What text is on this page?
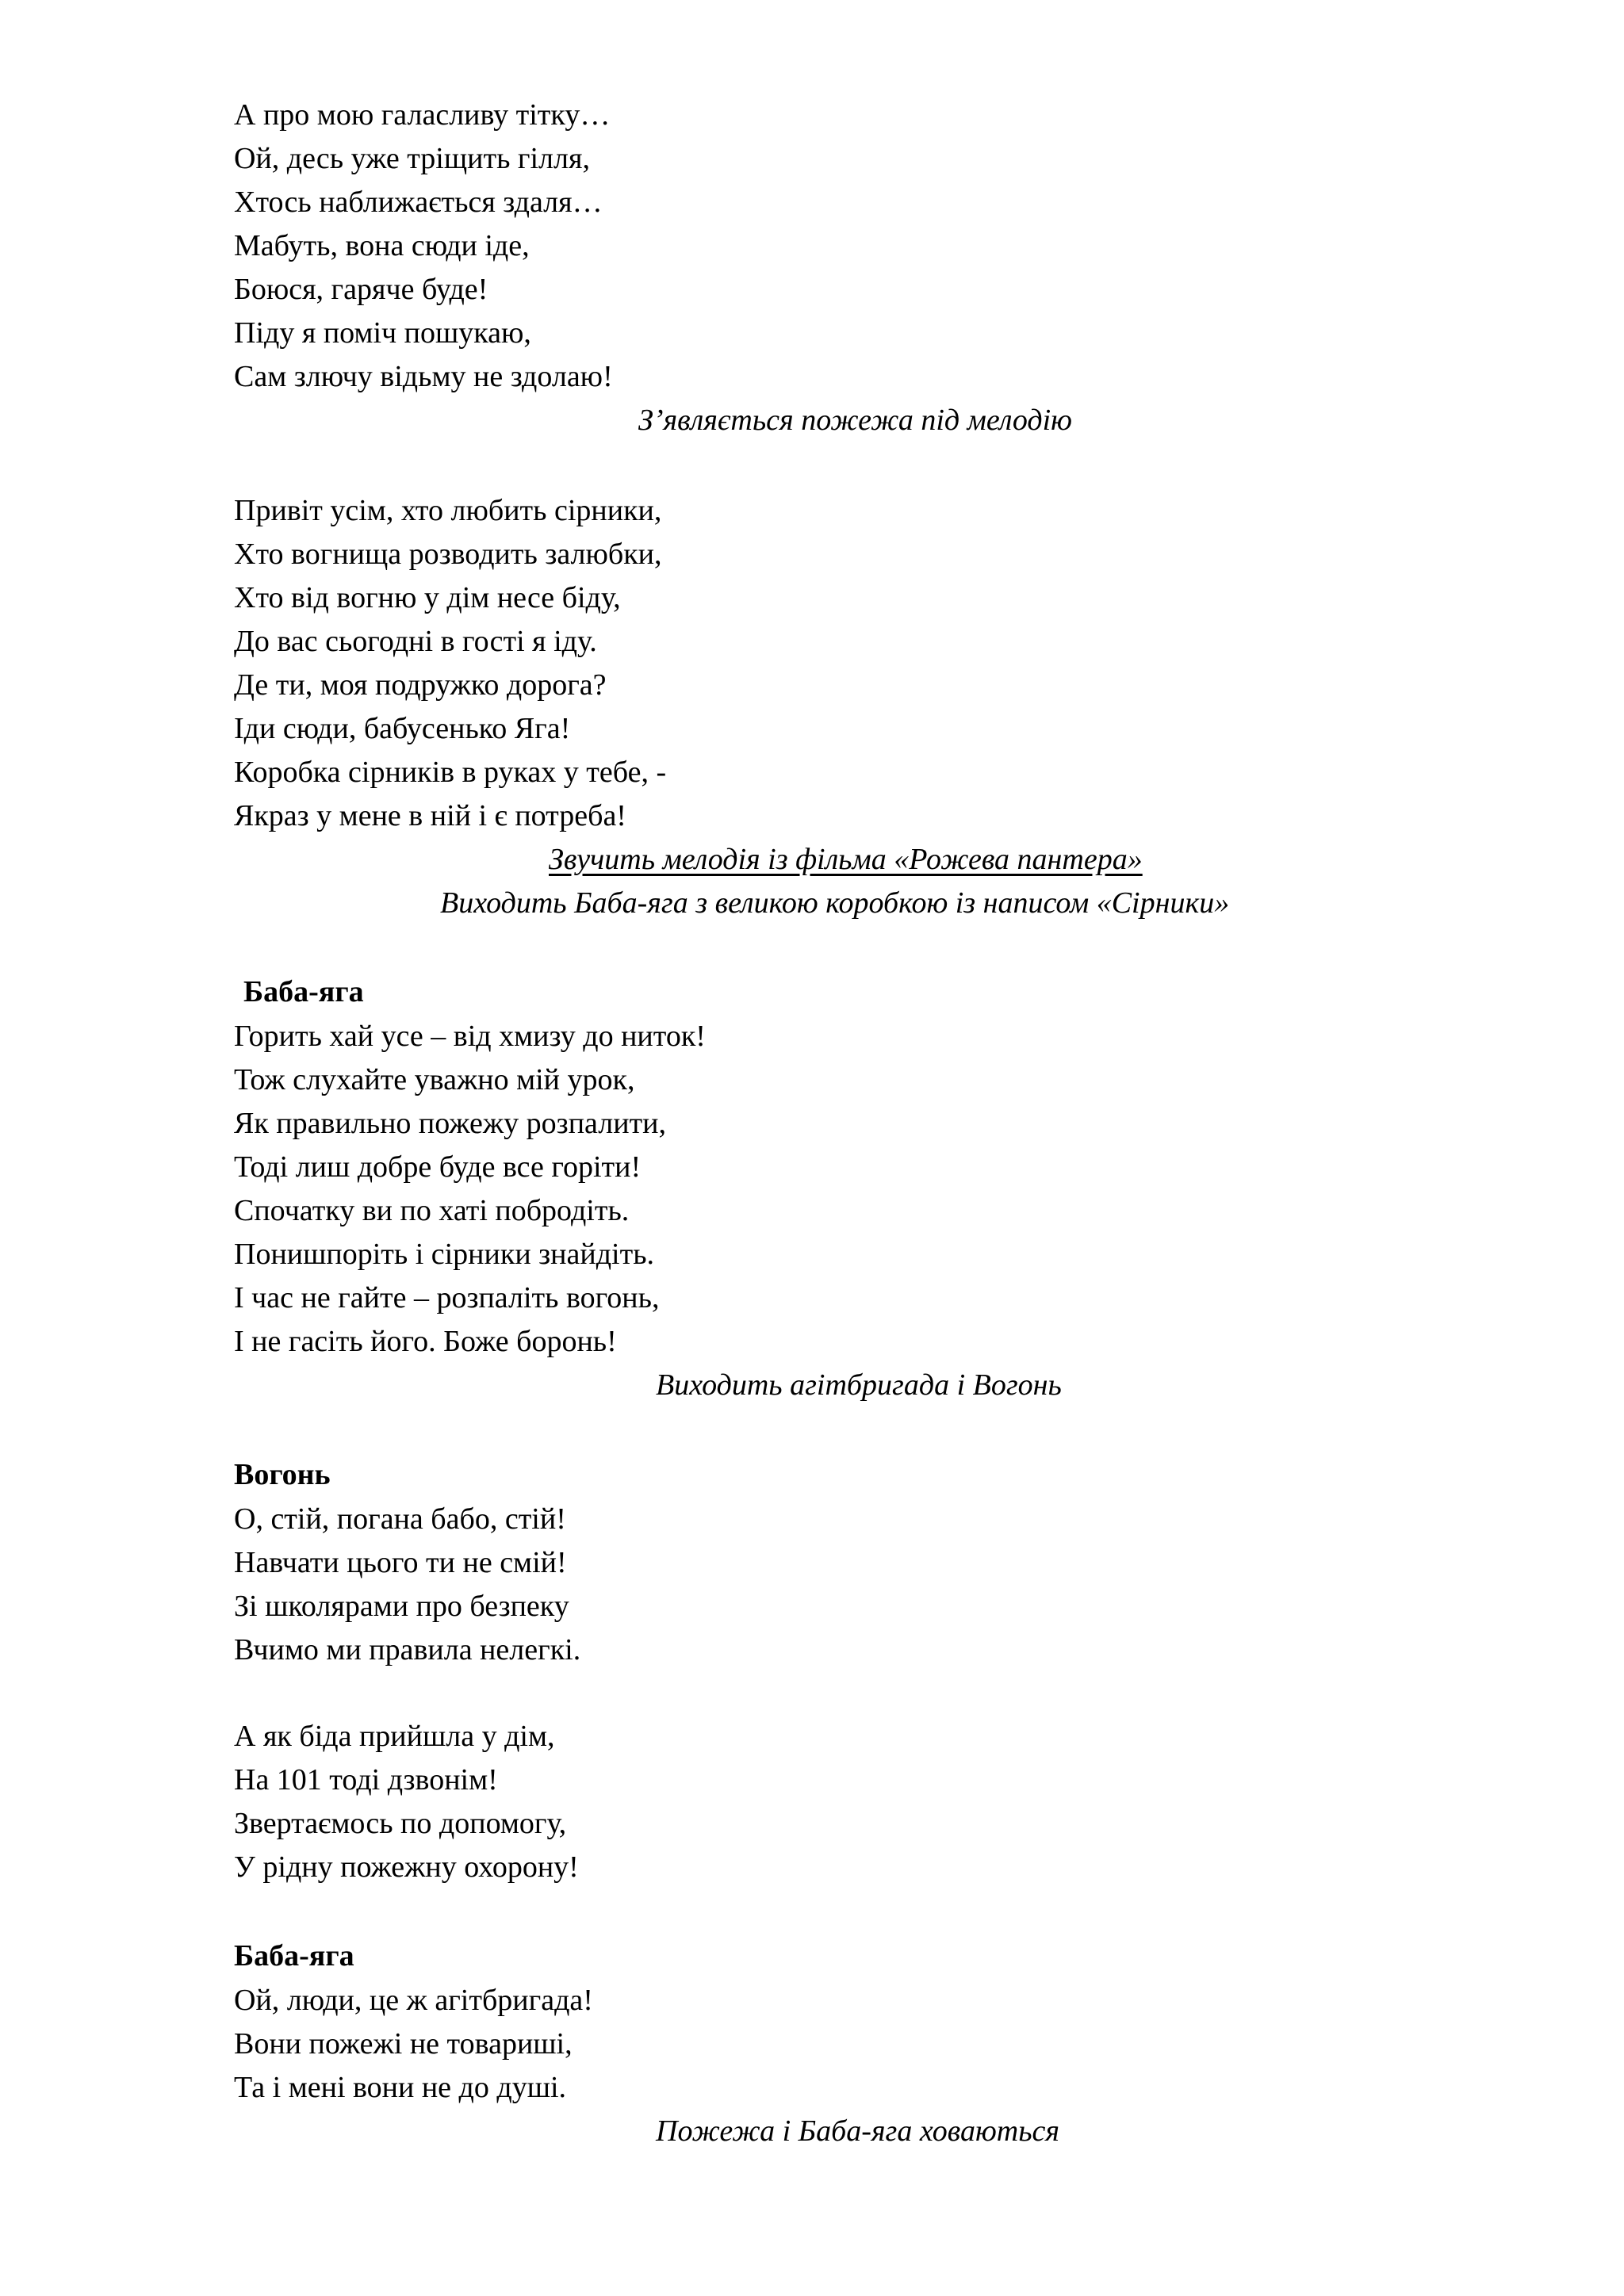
А про мою галасливу тітку…
Ой, десь уже тріщить гілля,
Хтось наближається здаля…
Мабуть, вона сюди іде,
Боюся, гаряче буде!
Піду я поміч пошукаю,
Сам злючу відьму не здолаю!
З’являється пожежа під мелодію
Привіт усім, хто любить сірники,
Хто вогнища розводить залюбки,
Хто від вогню у дім несе біду,
До вас сьогодні в гості я іду.
Де ти, моя подружко дорога?
Іди сюди, бабусенько Яга!
Коробка сірників в руках у тебе, -
Якраз у мене в ній і є потреба!
Звучить мелодія із фільма «Рожева пантера»
Виходить Баба-яга з великою коробкою із написом «Сірники»
Баба-яга
Горить хай усе – від хмизу до ниток!
Тож слухайте уважно мій урок,
Як правильно пожежу розпалити,
Тоді лиш добре буде все горіти!
Спочатку ви по хаті побродіть.
Понишпоріть і сірники знайдіть.
І час не гайте – розпаліть вогонь,
І не гасіть його. Боже боронь!
Виходить агітбригада і Вогонь
Вогонь
О, стій, погана бабо, стій!
Навчати цього ти не смій!
Зі школярами про безпеку
Вчимо ми правила нелегкі.
А як біда прийшла у дім,
На 101 тоді дзвонім!
Звертаємось по допомогу,
У рідну пожежну охорону!
Баба-яга
Ой, люди, це ж агітбригада!
Вони пожежі не товариші,
Та і мені вони не до душі.
Пожежа і Баба-яга ховаються
